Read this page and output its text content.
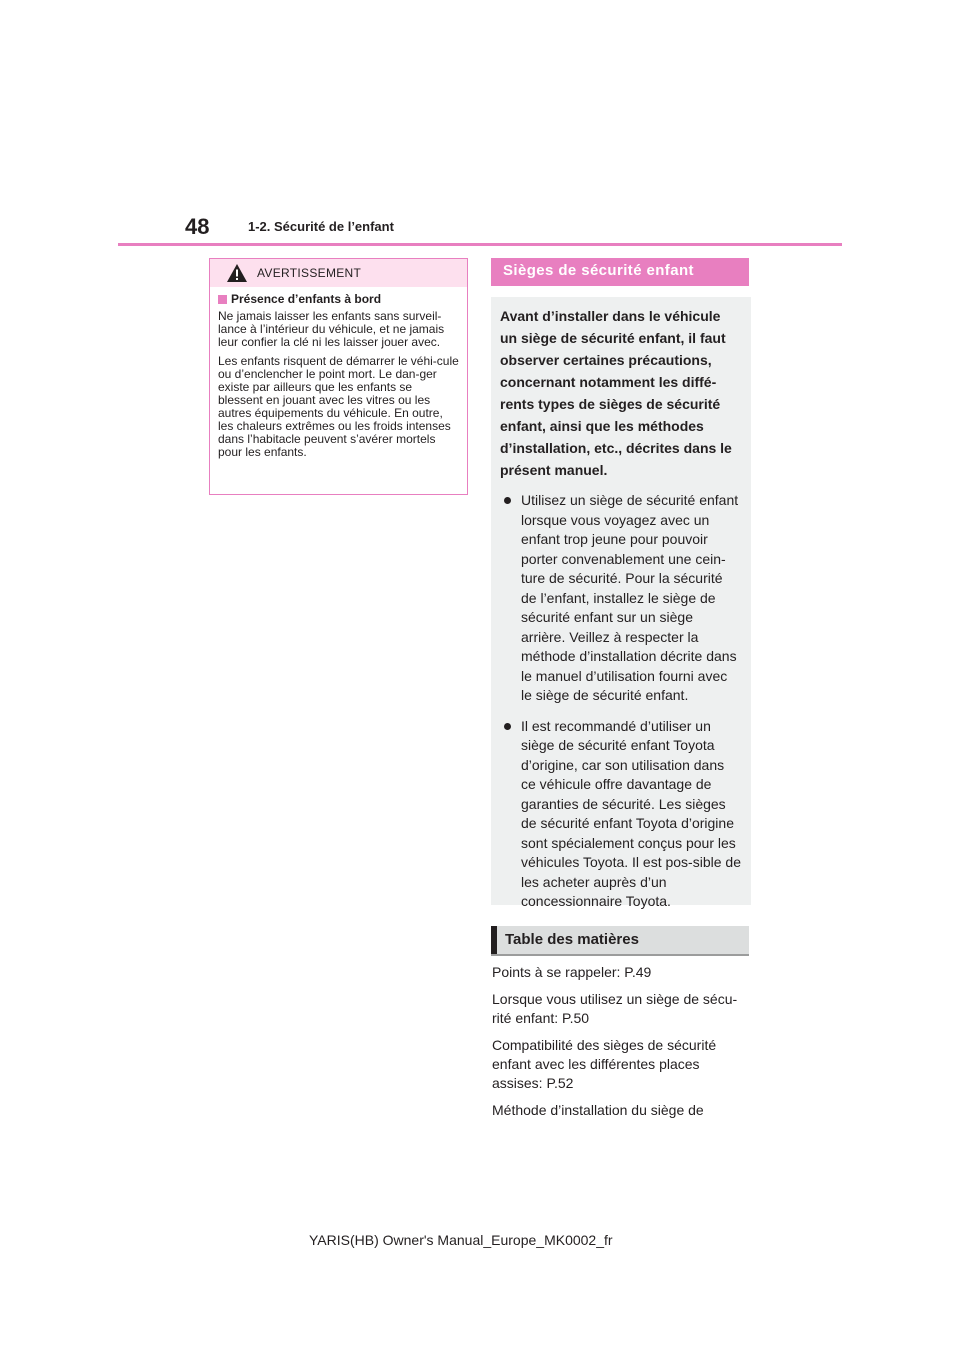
48	1-2. Sécurité de l’enfant
AVERTISSEMENT
Présence d’enfants à bord

Ne jamais laisser les enfants sans surveil-lance à l’intérieur du véhicule, et ne jamais leur confier la clé ni les laisser jouer avec.

Les enfants risquent de démarrer le véhi-cule ou d’enclencher le point mort. Le dan-ger existe par ailleurs que les enfants se blessent en jouant avec les vitres ou les autres équipements du véhicule. En outre, les chaleurs extrêmes ou les froids intenses dans l’habitacle peuvent s’avérer mortels pour les enfants.

Sièges de sécurité enfant

Avant d’installer dans le véhicule un siège de sécurité enfant, il faut observer certaines précautions, concernant notamment les diffé-rents types de sièges de sécurité enfant, ainsi que les méthodes d’installation, etc., décrites dans le présent manuel.

Utilisez un siège de sécurité enfant lorsque vous voyagez avec un enfant trop jeune pour pouvoir porter convenablement une cein-ture de sécurité. Pour la sécurité de l’enfant, installez le siège de sécurité enfant sur un siège arrière. Veillez à respecter la méthode d’installation décrite dans le manuel d’utilisation fourni avec le siège de sécurité enfant.
Il est recommandé d’utiliser un siège de sécurité enfant Toyota d’origine, car son utilisation dans ce véhicule offre davantage de garanties de sécurité. Les sièges de sécurité enfant Toyota d’origine sont spécialement conçus pour les véhicules Toyota. Il est pos-sible de les acheter auprès d’un concessionnaire Toyota.
Table des matières

Points à se rappeler: P.49

Lorsque vous utilisez un siège de sécu-rité enfant: P.50

Compatibilité des sièges de sécurité enfant avec les différentes places assises: P.52

Méthode d’installation du siège de

YARIS(HB) Owner's Manual_Europe_MK0002_fr
